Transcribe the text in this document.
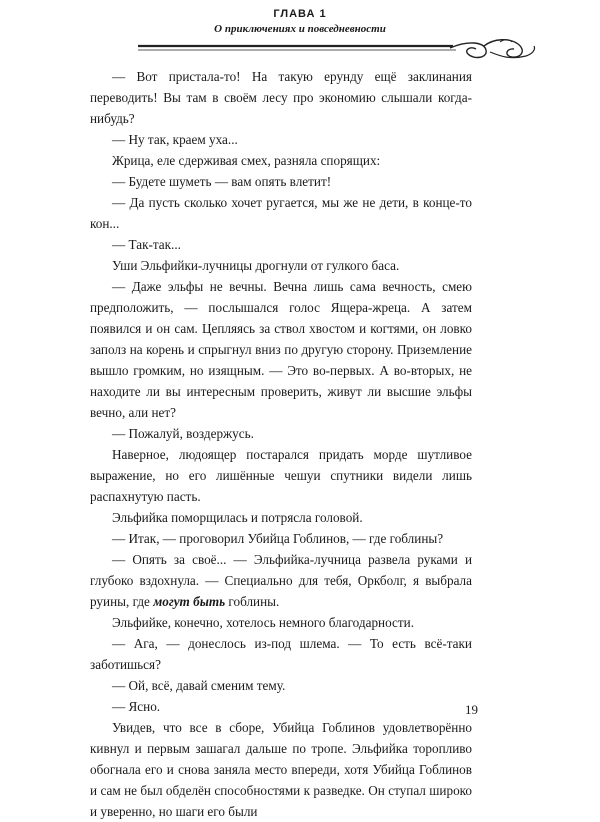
ГЛАВА 1
О приключениях и повседневности

— Вот пристала-то! На такую ерунду ещё заклинания переводить! Вы там в своём лесу про экономию слышали когда-нибудь?

— Ну так, краем уха...

Жрица, еле сдерживая смех, разняла спорящих:

— Будете шуметь — вам опять влетит!

— Да пусть сколько хочет ругается, мы же не дети, в конце-то кон...

— Так-так...

Уши Эльфийки-лучницы дрогнули от гулкого баса.

— Даже эльфы не вечны. Вечна лишь сама вечность, смею предположить, — послышался голос Ящера-жреца. А затем появился и он сам. Цепляясь за ствол хвостом и когтями, он ловко заполз на корень и спрыгнул вниз по другую сторону. Приземление вышло громким, но изящным. — Это во-первых. А во-вторых, не находите ли вы интересным проверить, живут ли высшие эльфы вечно, али нет?

— Пожалуй, воздержусь.

Наверное, людоящер постарался придать морде шутливое выражение, но его лишённые чешуи спутники видели лишь распахнутую пасть.

Эльфийка поморщилась и потрясла головой.

— Итак, — проговорил Убийца Гоблинов, — где гоблины?

— Опять за своё... — Эльфийка-лучница развела руками и глубоко вздохнула. — Специально для тебя, Оркболг, я выбрала руины, где могут быть гоблины.

Эльфийке, конечно, хотелось немного благодарности.

— Ага, — донеслось из-под шлема. — То есть всё-таки заботишься?

— Ой, всё, давай сменим тему.

— Ясно.

Увидев, что все в сборе, Убийца Гоблинов удовлетворённо кивнул и первым зашагал дальше по тропе. Эльфийка торопливо обогнала его и снова заняла место впереди, хотя Убийца Гоблинов и сам не был обделён способностями к разведке. Он ступал широко и уверенно, но шаги его были

19
